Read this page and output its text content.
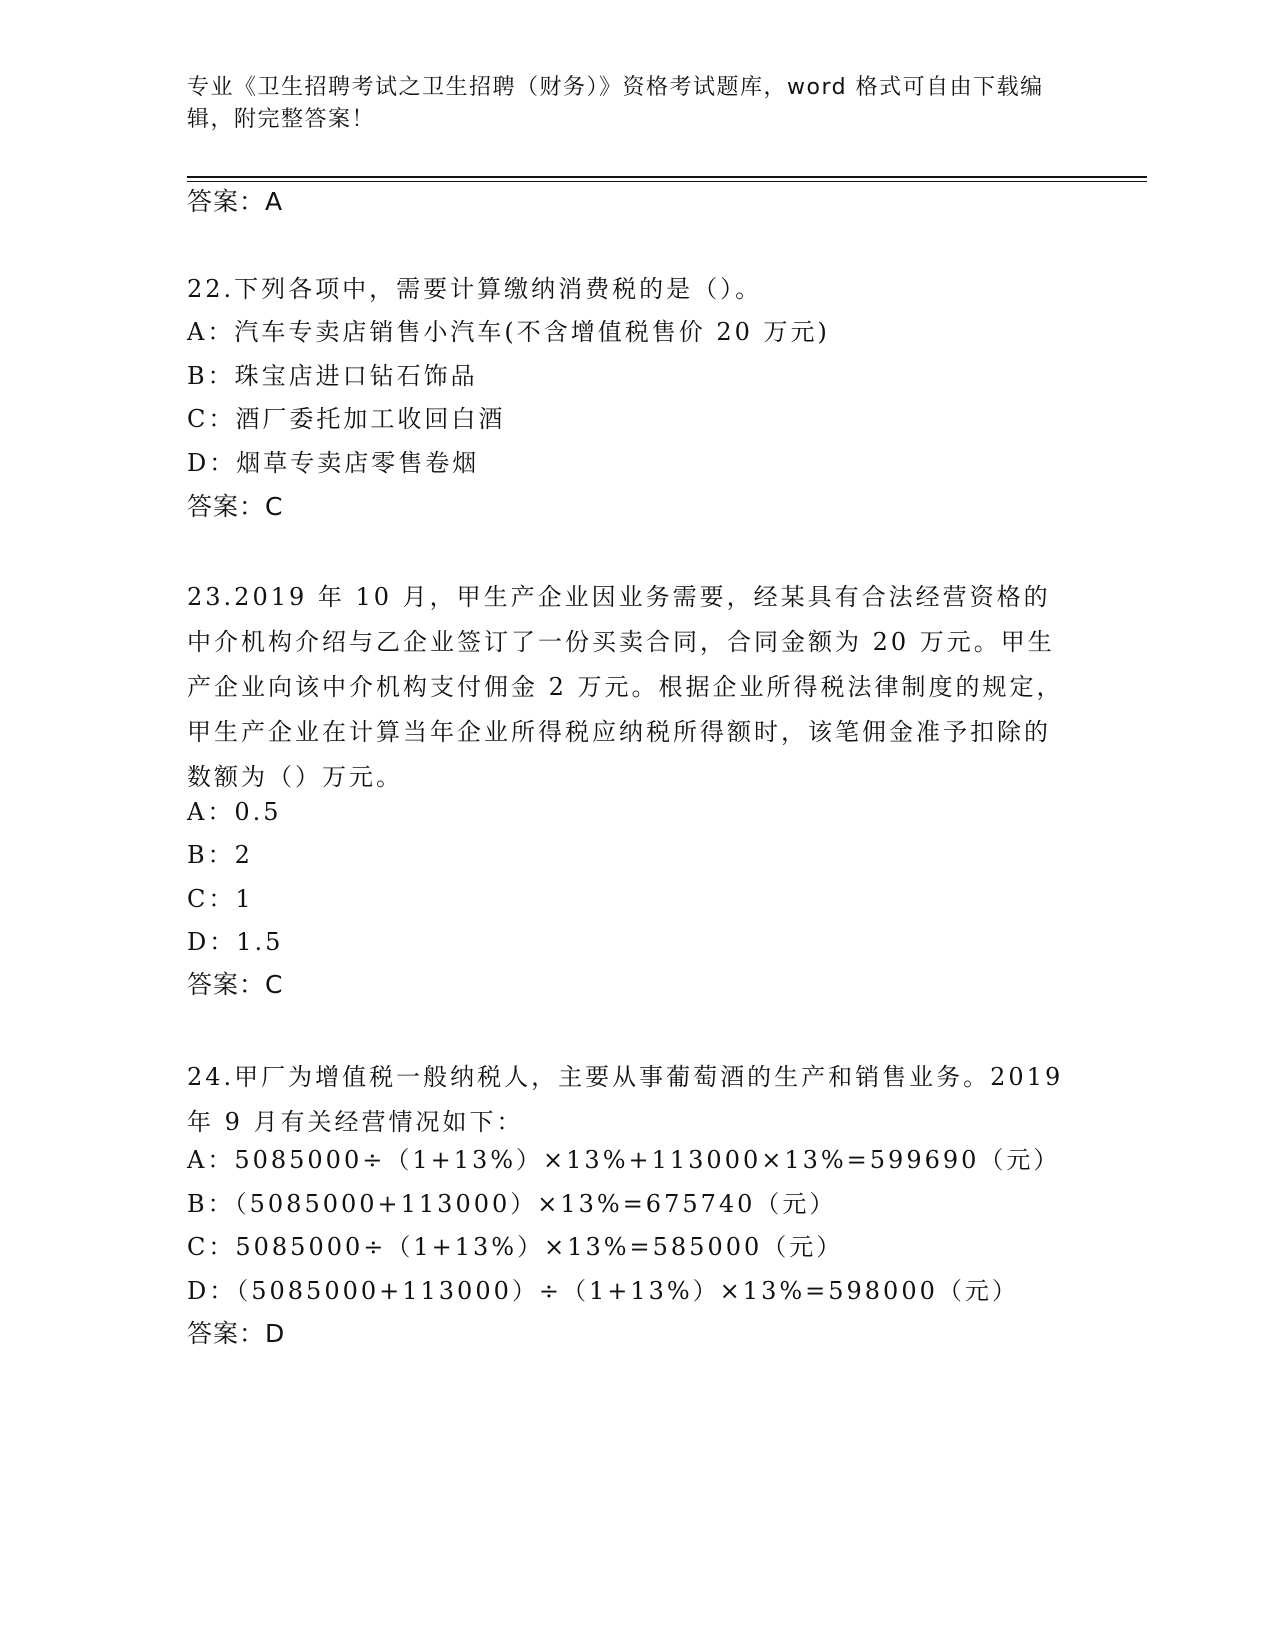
专业《卫生招聘考试之卫生招聘（财务）》资格考试题库，word 格式可自由下载编辑，附完整答案！
答案：A
22.下列各项中，需要计算缴纳消费税的是（）。
A：汽车专卖店销售小汽车(不含增值税售价 20 万元)
B：珠宝店进口钻石饰品
C：酒厂委托加工收回白酒
D：烟草专卖店零售卷烟
答案：C
23.2019 年 10 月，甲生产企业因业务需要，经某具有合法经营资格的中介机构介绍与乙企业签订了一份买卖合同，合同金额为 20 万元。甲生产企业向该中介机构支付佣金 2 万元。根据企业所得税法律制度的规定，甲生产企业在计算当年企业所得税应纳税所得额时，该笔佣金准予扣除的数额为（）万元。
A：0.5
B：2
C：1
D：1.5
答案：C
24.甲厂为增值税一般纳税人，主要从事葡萄酒的生产和销售业务。2019 年 9 月有关经营情况如下：
A：5085000÷（1+13%）×13%+113000×13%=599690（元）
B：（5085000+113000）×13%=675740（元）
C：5085000÷（1+13%）×13%=585000（元）
D：（5085000+113000）÷（1+13%）×13%=598000（元）
答案：D
